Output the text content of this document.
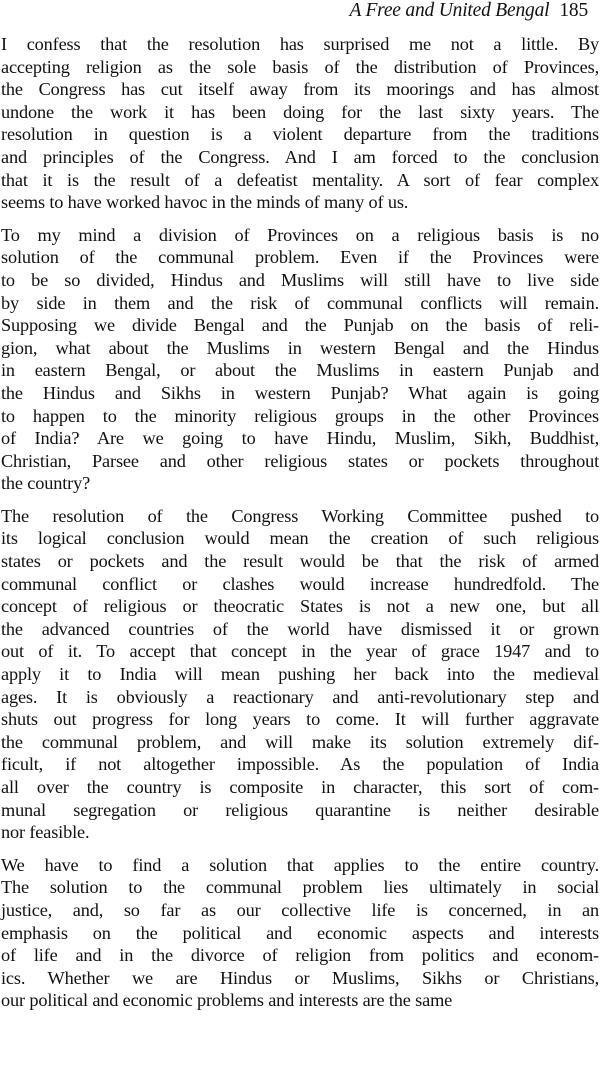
A Free and United Bengal 185

I confess that the resolution has surprised me not a little. By
accepting religion as the sole basis of the distribution of Provinces,
the Congress has cut itself away from its moorings and has almost
undone the work it has been doing for the last sixty years. The
resolution in question is a violent departure from the traditions
and principles of the Congress. And I am forced to the conclusion
that it is the result of a defeatist mentality. A sort of fear complex
seems to have worked havoc in the minds of many of us.

To my mind a division of Provinces on a religious basis is no
solution of the communal problem. Even if the Provinces were
to be so divided, Hindus and Muslims will still have to live side
by side in them and the risk of communal conflicts will remain.
Supposing we divide Bengal and the Punjab on the basis of reli-
gion, what about the Muslims in western Bengal and the Hindus
in eastern Bengal, or about the Muslims in eastern Punjab and
the Hindus and Sikhs in western Punjab? What again is going
to happen to the minority religious groups in the other Provinces
of India? Are we going to have Hindu, Muslim, Sikh, Buddhist,
Christian, Parsee and other religious states or pockets throughout
the country?

The resolution of the Congress Working Committee pushed to
its logical conclusion would mean the creation of such religious
states or pockets and the result would be that the risk of armed
communal conflict or clashes would increase hundredfold. The
concept of religious or theocratic States is not a new one, but all
the advanced countries of the world have dismissed it or grown
out of it. To accept that concept in the year of grace 1947 and to
apply it to India will mean pushing her back into the medieval
ages. It is obviously a reactionary and anti-revolutionary step and
shuts out progress for long years to come. It will further aggravate
the communal problem, and will make its solution extremely dif-
ficult, if not altogether impossible. As the population of India
all over the country is composite in character, this sort of com-
munal segregation or religious quarantine is neither desirable
nor feasible.

We have to find a solution that applies to the entire country.
The solution to the communal problem lies ultimately in social
justice, and, so far as our collective life is concerned, in an
emphasis on the political and economic aspects and interests
of life and in the divorce of religion from politics and econom-
ics. Whether we are Hindus or Muslims, Sikhs or Christians,
our political and economic problems and interests are the same
